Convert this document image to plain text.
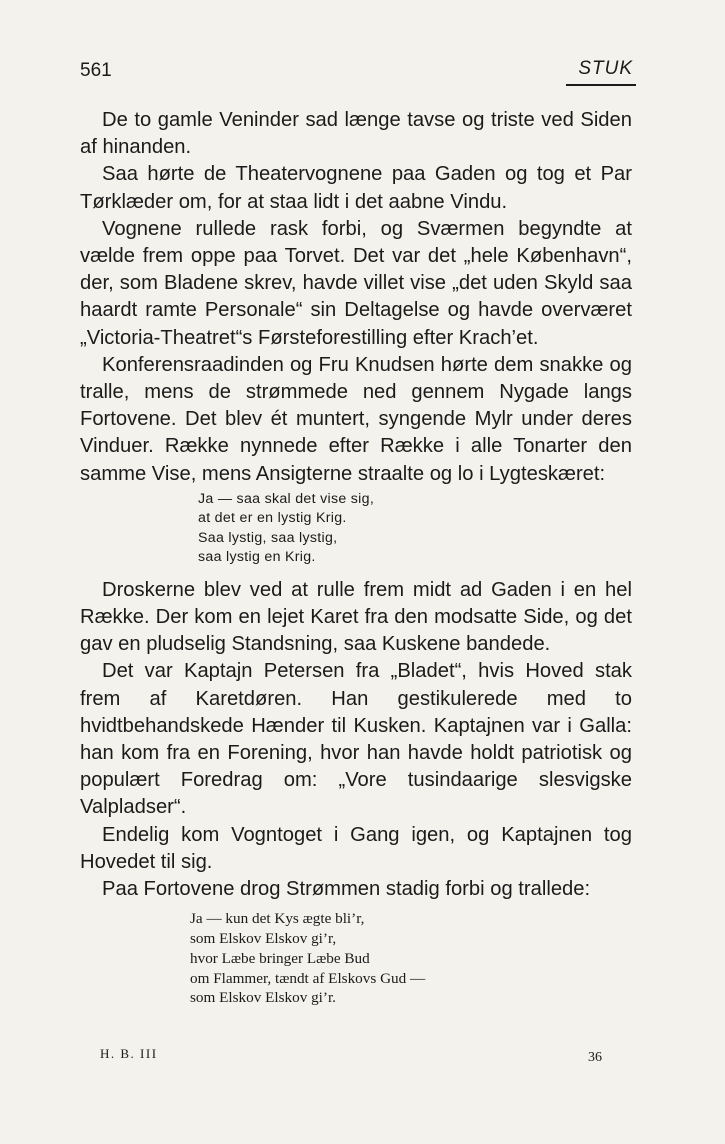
561	STUK

De to gamle Veninder sad længe tavse og triste ved Siden af hinanden.

Saa hørte de Theatervognene paa Gaden og tog et Par Tørklæder om, for at staa lidt i det aabne Vindu.

Vognene rullede rask forbi, og Sværmen begyndte at vælde frem oppe paa Torvet. Det var det „hele København“, der, som Bladene skrev, havde villet vise „det uden Skyld saa haardt ramte Personale“ sin Deltagelse og havde overværet „Victoria-Theatret“s Førsteforestilling efter Krach’et.

Konferensraadinden og Fru Knudsen hørte dem snakke og tralle, mens de strømmede ned gennem Nygade langs Fortovene. Det blev ét muntert, syngende Mylr under deres Vinduer. Række nynnede efter Række i alle Tonarter den samme Vise, mens Ansigterne straalte og lo i Lygteskæret:

Ja — saa skal det vise sig,
at det er en lystig Krig.
Saa lystig, saa lystig,
saa lystig en Krig.

Droskerne blev ved at rulle frem midt ad Gaden i en hel Række. Der kom en lejet Karet fra den modsatte Side, og det gav en pludselig Standsning, saa Kuskene bandede.

Det var Kaptajn Petersen fra „Bladet“, hvis Hoved stak frem af Karetdøren. Han gestikulerede med to hvidtbehandskede Hænder til Kusken. Kaptajnen var i Galla: han kom fra en Forening, hvor han havde holdt patriotisk og populært Foredrag om: „Vore tusindaarige slesvigske Valpladser“.

Endelig kom Vogntoget i Gang igen, og Kaptajnen tog Hovedet til sig.

Paa Fortovene drog Strømmen stadig forbi og trallede:

Ja — kun det Kys ægte bli’r,
som Elskov Elskov gi’r,
hvor Læbe bringer Læbe Bud
om Flammer, tændt af Elskovs Gud —
som Elskov Elskov gi’r.
H. B. III	36
